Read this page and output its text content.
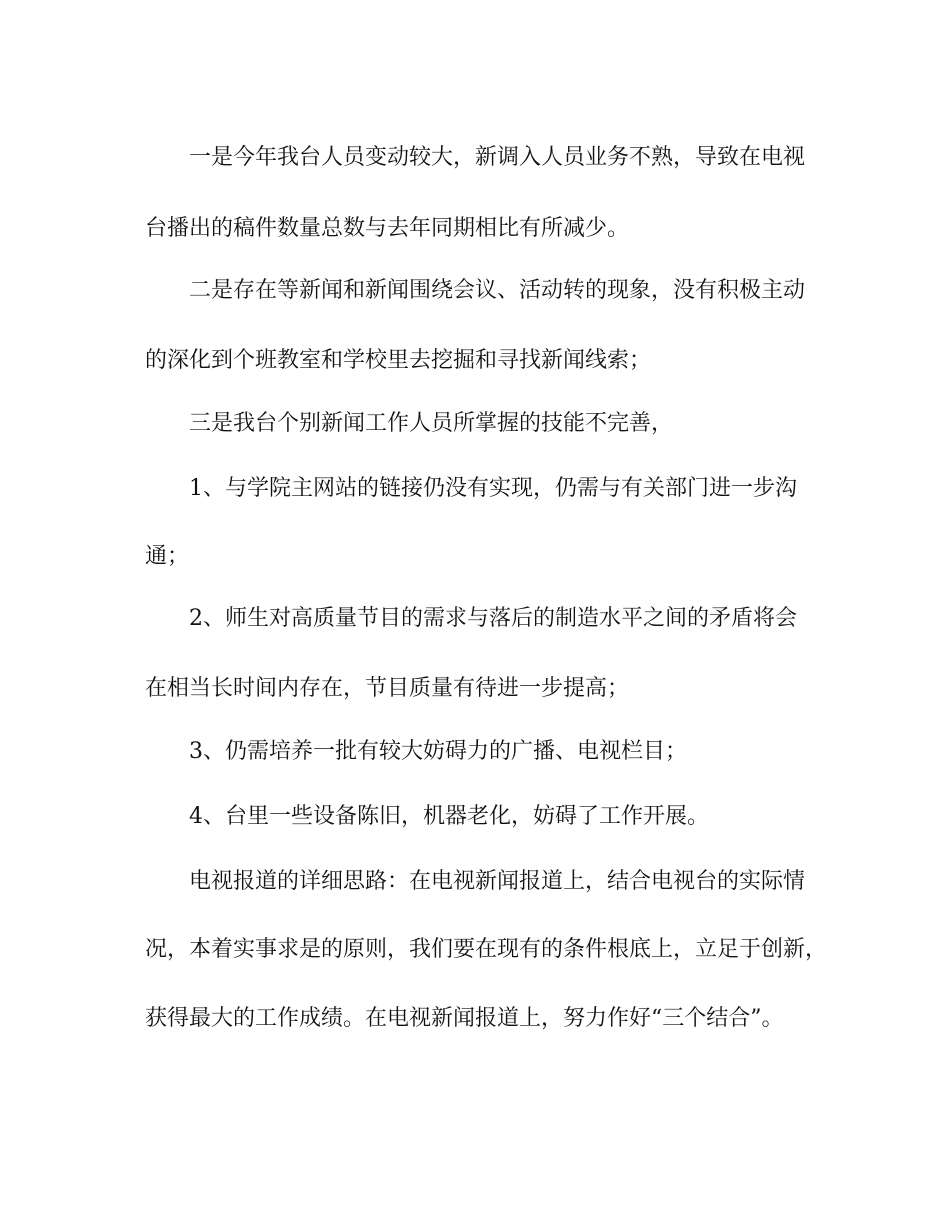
一是今年我台人员变动较大，新调入人员业务不熟，导致在电视
台播出的稿件数量总数与去年同期相比有所减少。
二是存在等新闻和新闻围绕会议、活动转的现象，没有积极主动
的深化到个班教室和学校里去挖掘和寻找新闻线索；
三是我台个别新闻工作人员所掌握的技能不完善，
1、与学院主网站的链接仍没有实现，仍需与有关部门进一步沟
通；
2、师生对高质量节目的需求与落后的制造水平之间的矛盾将会
在相当长时间内存在，节目质量有待进一步提高；
3、仍需培养一批有较大妨碍力的广播、电视栏目；
4、台里一些设备陈旧，机器老化，妨碍了工作开展。
电视报道的详细思路：在电视新闻报道上，结合电视台的实际情
况，本着实事求是的原则，我们要在现有的条件根底上，立足于创新，
获得最大的工作成绩。在电视新闻报道上，努力作好“三个结合”。
